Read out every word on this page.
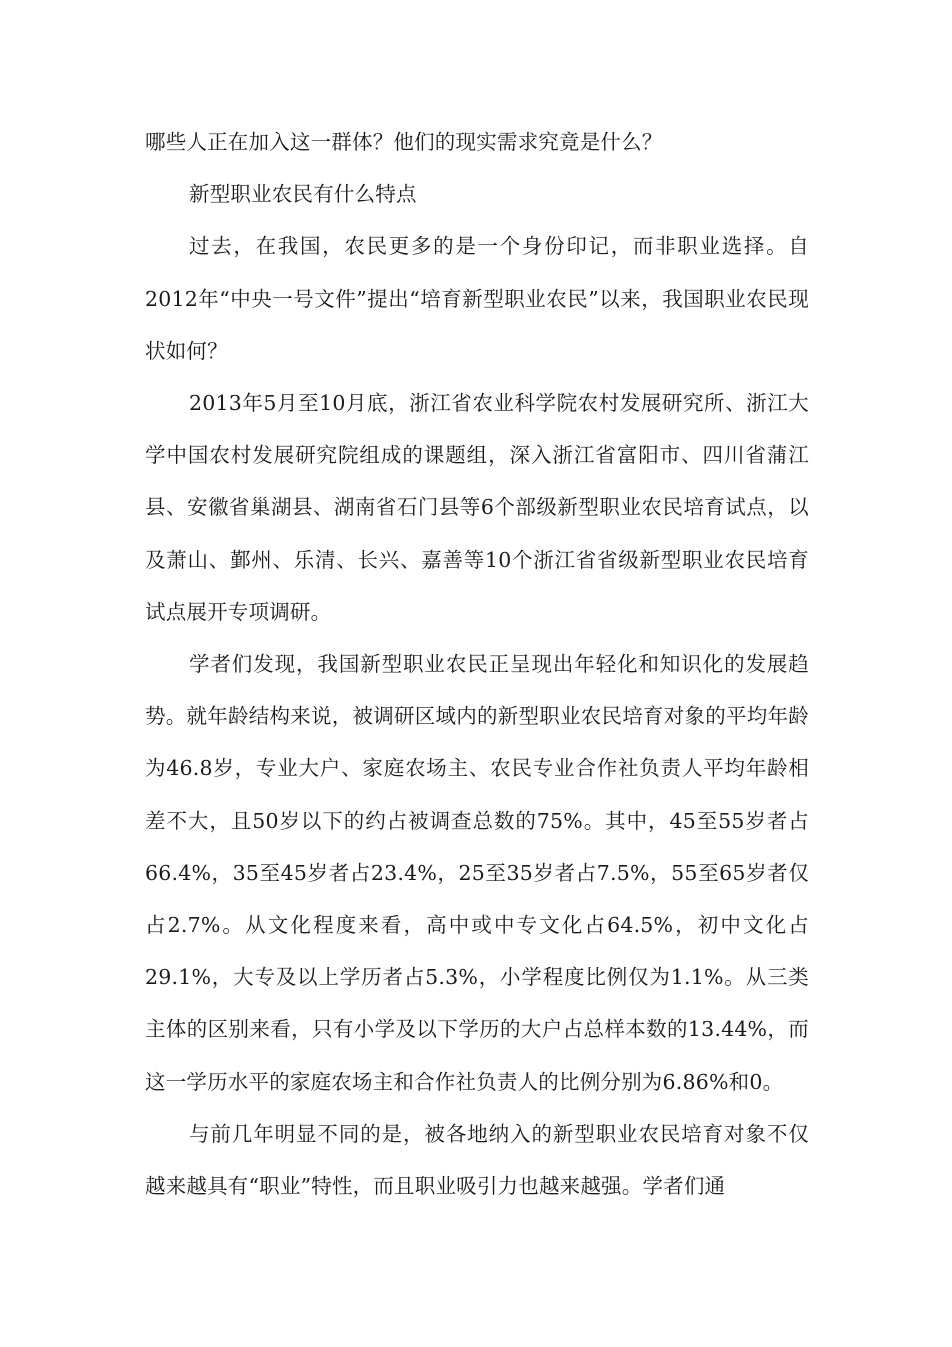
哪些人正在加入这一群体？他们的现实需求究竟是什么？

新型职业农民有什么特点

过去，在我国，农民更多的是一个身份印记，而非职业选择。自2012年“中央一号文件”提出“培育新型职业农民”以来，我国职业农民现状如何？

2013年5月至10月底，浙江省农业科学院农村发展研究所、浙江大学中国农村发展研究院组成的课题组，深入浙江省富阳市、四川省蒲江县、安徽省巢湖县、湖南省石门县等6个部级新型职业农民培育试点，以及萧山、鄞州、乐清、长兴、嘉善等10个浙江省省级新型职业农民培育试点展开专项调研。

学者们发现，我国新型职业农民正呈现出年轻化和知识化的发展趋势。就年龄结构来说，被调研区域内的新型职业农民培育对象的平均年龄为46.8岁，专业大户、家庭农场主、农民专业合作社负责人平均年龄相差不大，且50岁以下的约占被调查总数的75%。其中，45至55岁者占66.4%，35至45岁者占23.4%，25至35岁者占7.5%，55至65岁者仅占2.7%。从文化程度来看，高中或中专文化占64.5%，初中文化占29.1%，大专及以上学历者占5.3%，小学程度比例仅为1.1%。从三类主体的区别来看，只有小学及以下学历的大户占总样本数的13.44%，而这一学历水平的家庭农场主和合作社负责人的比例分别为6.86%和0。

与前几年明显不同的是，被各地纳入的新型职业农民培育对象不仅越来越具有“职业”特性，而且职业吸引力也越来越强。学者们通
